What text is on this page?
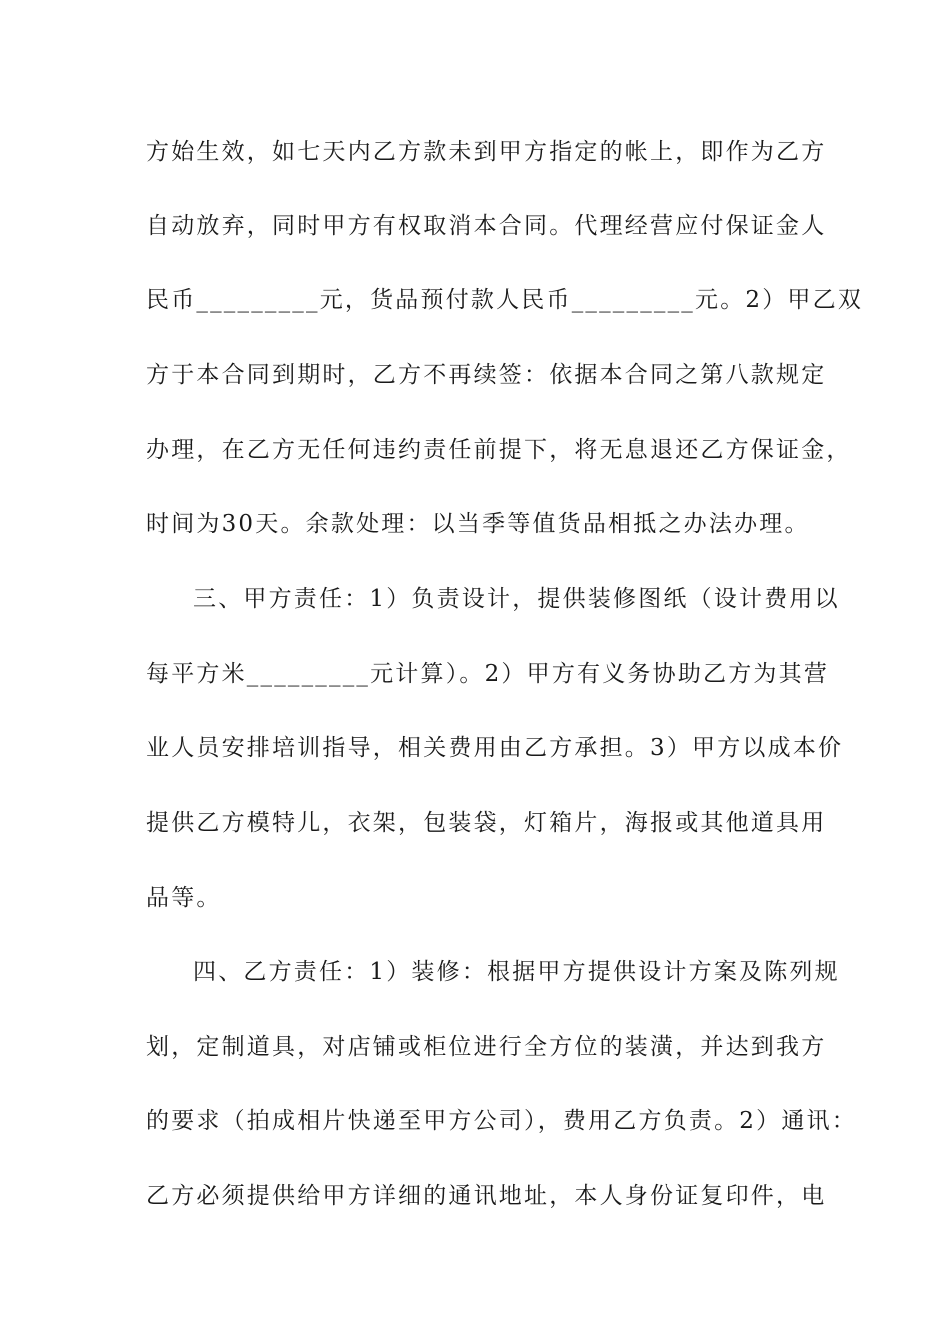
方始生效，如七天内乙方款未到甲方指定的帐上，即作为乙方
自动放弃，同时甲方有权取消本合同。代理经营应付保证金人
民币_________元，货品预付款人民币_________元。2）甲乙双
方于本合同到期时，乙方不再续签：依据本合同之第八款规定
办理，在乙方无任何违约责任前提下，将无息退还乙方保证金，
时间为30天。余款处理：以当季等值货品相抵之办法办理。
三、甲方责任：1）负责设计，提供装修图纸（设计费用以
每平方米_________元计算）。2）甲方有义务协助乙方为其营
业人员安排培训指导，相关费用由乙方承担。3）甲方以成本价
提供乙方模特儿，衣架，包装袋，灯箱片，海报或其他道具用
品等。
四、乙方责任：1）装修：根据甲方提供设计方案及陈列规
划，定制道具，对店铺或柜位进行全方位的装潢，并达到我方
的要求（拍成相片快递至甲方公司），费用乙方负责。2）通讯：
乙方必须提供给甲方详细的通讯地址，本人身份证复印件，电
